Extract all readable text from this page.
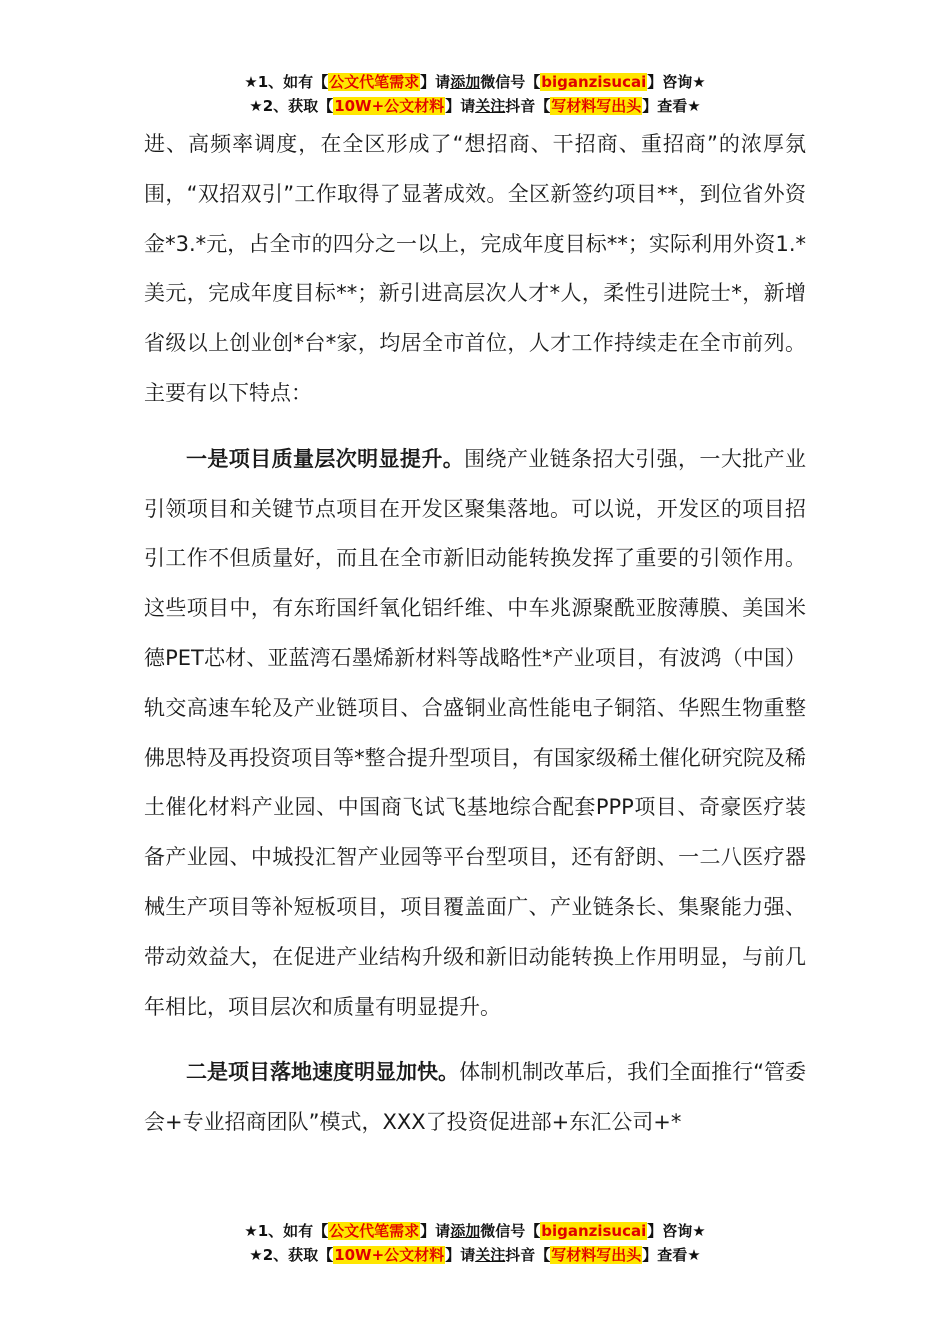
★1、如有【公文代笔需求】请添加微信号【biganzisucai】咨询★
★2、获取【10W+公文材料】请关注抖音【写材料写出头】查看★

进、高频率调度，在全区形成了“想招商、干招商、重招商”的浓厚氛围，“双招双引”工作取得了显著成效。全区新签约项目**，到位省外资金*3.*元，占全市的四分之一以上，完成年度目标**；实际利用外资1.*美元，完成年度目标**；新引进高层次人才*人，柔性引进院士*，新增省级以上创业创*台*家，均居全市首位，人才工作持续走在全市前列。主要有以下特点：

一是项目质量层次明显提升。围绕产业链条招大引强，一大批产业引领项目和关键节点项目在开发区聚集落地。可以说，开发区的项目招引工作不但质量好，而且在全市新旧动能转换发挥了重要的引领作用。这些项目中，有东珩国纤氧化铝纤维、中车兆源聚酰亚胺薄膜、美国米德PET芯材、亚蓝湾石墨烯新材料等战略性*产业项目，有波鸿（中国）轨交高速车轮及产业链项目、合盛铜业高性能电子铜箔、华熙生物重整佛思特及再投资项目等*整合提升型项目，有国家级稀土催化研究院及稀土催化材料产业园、中国商飞试飞基地综合配套PPP项目、奇豪医疗装备产业园、中城投汇智产业园等平台型项目，还有舒朗、一二八医疗器械生产项目等补短板项目，项目覆盖面广、产业链条长、集聚能力强、带动效益大，在促进产业结构升级和新旧动能转换上作用明显，与前几年相比，项目层次和质量有明显提升。

二是项目落地速度明显加快。体制机制改革后，我们全面推行“管委会+专业招商团队”模式，XXX了投资促进部+东汇公司+*

★1、如有【公文代笔需求】请添加微信号【biganzisucai】咨询★
★2、获取【10W+公文材料】请关注抖音【写材料写出头】查看★
